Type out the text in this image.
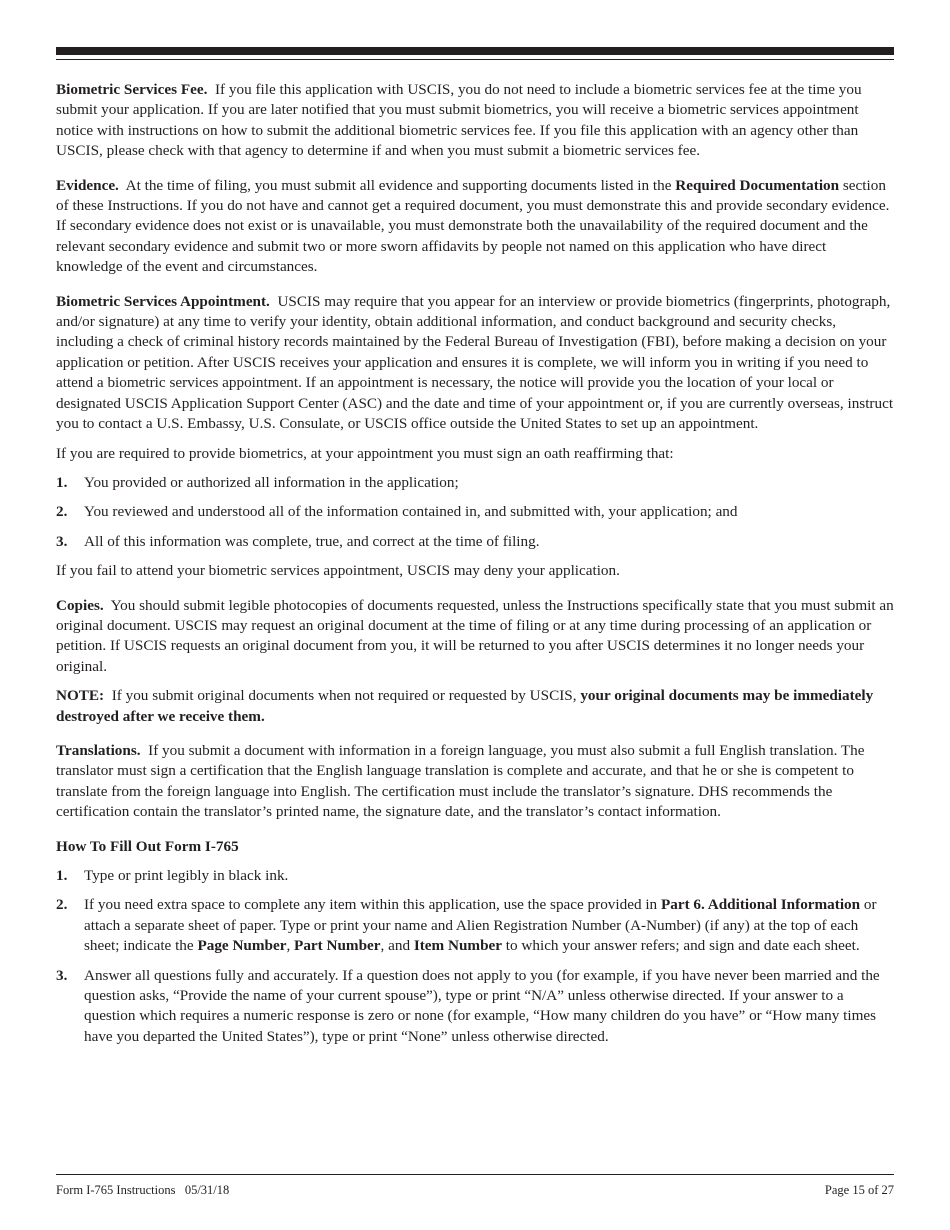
Biometric Services Fee. If you file this application with USCIS, you do not need to include a biometric services fee at the time you submit your application. If you are later notified that you must submit biometrics, you will receive a biometric services appointment notice with instructions on how to submit the additional biometric services fee. If you file this application with an agency other than USCIS, please check with that agency to determine if and when you must submit a biometric services fee.

Evidence. At the time of filing, you must submit all evidence and supporting documents listed in the Required Documentation section of these Instructions. If you do not have and cannot get a required document, you must demonstrate this and provide secondary evidence. If secondary evidence does not exist or is unavailable, you must demonstrate both the unavailability of the required document and the relevant secondary evidence and submit two or more sworn affidavits by people not named on this application who have direct knowledge of the event and circumstances.

Biometric Services Appointment. USCIS may require that you appear for an interview or provide biometrics (fingerprints, photograph, and/or signature) at any time to verify your identity, obtain additional information, and conduct background and security checks, including a check of criminal history records maintained by the Federal Bureau of Investigation (FBI), before making a decision on your application or petition. After USCIS receives your application and ensures it is complete, we will inform you in writing if you need to attend a biometric services appointment. If an appointment is necessary, the notice will provide you the location of your local or designated USCIS Application Support Center (ASC) and the date and time of your appointment or, if you are currently overseas, instruct you to contact a U.S. Embassy, U.S. Consulate, or USCIS office outside the United States to set up an appointment.

If you are required to provide biometrics, at your appointment you must sign an oath reaffirming that:

1.	You provided or authorized all information in the application;
2.	You reviewed and understood all of the information contained in, and submitted with, your application; and
3.	All of this information was complete, true, and correct at the time of filing.

If you fail to attend your biometric services appointment, USCIS may deny your application.

Copies. You should submit legible photocopies of documents requested, unless the Instructions specifically state that you must submit an original document. USCIS may request an original document at the time of filing or at any time during processing of an application or petition. If USCIS requests an original document from you, it will be returned to you after USCIS determines it no longer needs your original.

NOTE: If you submit original documents when not required or requested by USCIS, your original documents may be immediately destroyed after we receive them.

Translations. If you submit a document with information in a foreign language, you must also submit a full English translation. The translator must sign a certification that the English language translation is complete and accurate, and that he or she is competent to translate from the foreign language into English. The certification must include the translator’s signature. DHS recommends the certification contain the translator’s printed name, the signature date, and the translator’s contact information.

How To Fill Out Form I-765

1.	Type or print legibly in black ink.
2.	If you need extra space to complete any item within this application, use the space provided in Part 6. Additional Information or attach a separate sheet of paper. Type or print your name and Alien Registration Number (A-Number) (if any) at the top of each sheet; indicate the Page Number, Part Number, and Item Number to which your answer refers; and sign and date each sheet.
3.	Answer all questions fully and accurately. If a question does not apply to you (for example, if you have never been married and the question asks, “Provide the name of your current spouse”), type or print “N/A” unless otherwise directed. If your answer to a question which requires a numeric response is zero or none (for example, “How many children do you have” or “How many times have you departed the United States”), type or print “None” unless otherwise directed.
Form I-765 Instructions 05/31/18	Page 15 of 27
